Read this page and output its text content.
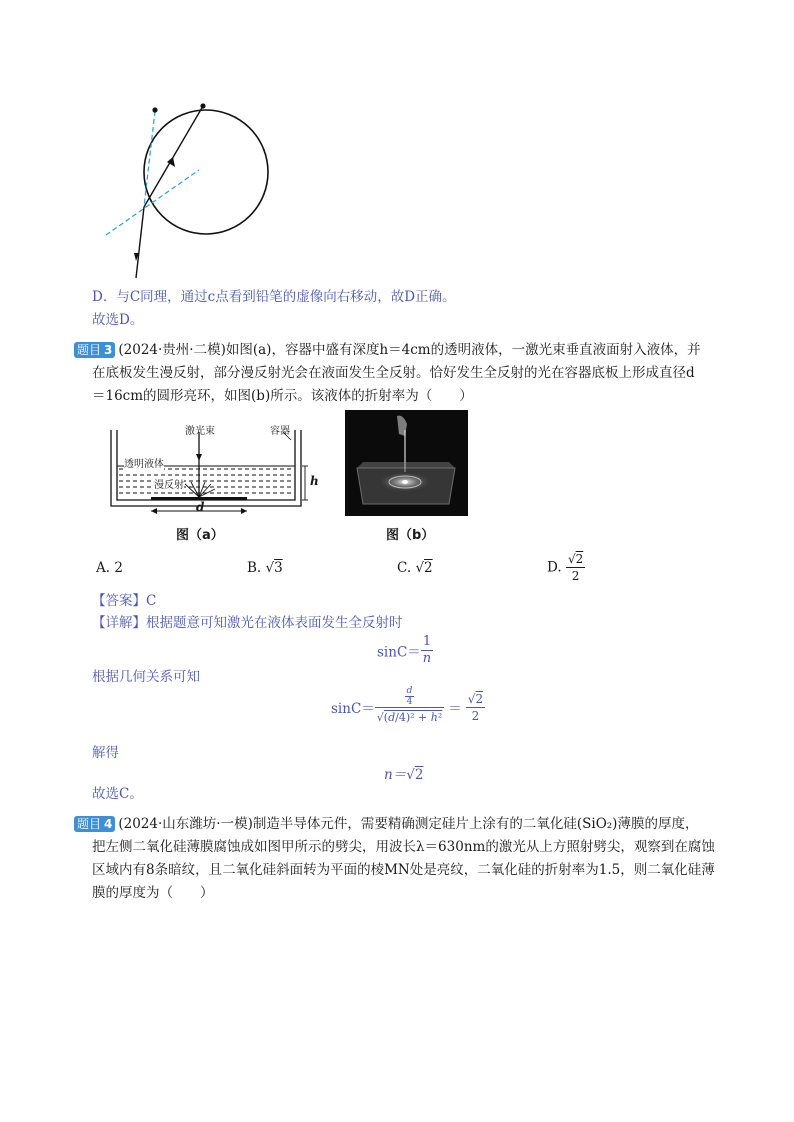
D．与C同理，通过c点看到铅笔的虚像向右移动，故D正确。
故选D。
题目 3 (2024·贵州·二模)如图(a)，容器中盛有深度h＝4cm的透明液体，一激光束垂直液面射入液体，并
在底板发生漫反射，部分漫反射光会在液面发生全反射。恰好发生全反射的光在容器底板上形成直径d
＝16cm的圆形亮环，如图(b)所示。该液体的折射率为（　　）
激光束	容器
透明液体
漫反射	h
d
图（a）	图（b）
A. 2	B. √3	C. √2	D. $\frac{√2}{2}$
【答案】C
【详解】根据题意可知激光在液体表面发生全反射时
$\sin C= \frac{1}{n}$
根据几何关系可知
$\sin C= \frac{\frac{d}{4}}{\text{√(d/4)² + h²}} = \frac{√2}{2}$
解得
n＝√2
故选C。
题目 4 (2024·山东潍坊·一模)制造半导体元件，需要精确测定硅片上涂有的二氧化硅(SiO₂)薄膜的厚度，
把左侧二氧化硅薄膜腐蚀成如图甲所示的劈尖，用波长λ＝630nm的激光从上方照射劈尖，观察到在腐蚀
区域内有8条暗纹，且二氧化硅斜面转为平面的棱MN处是亮纹，二氧化硅的折射率为1.5，则二氧化硅薄
膜的厚度为（　　）
